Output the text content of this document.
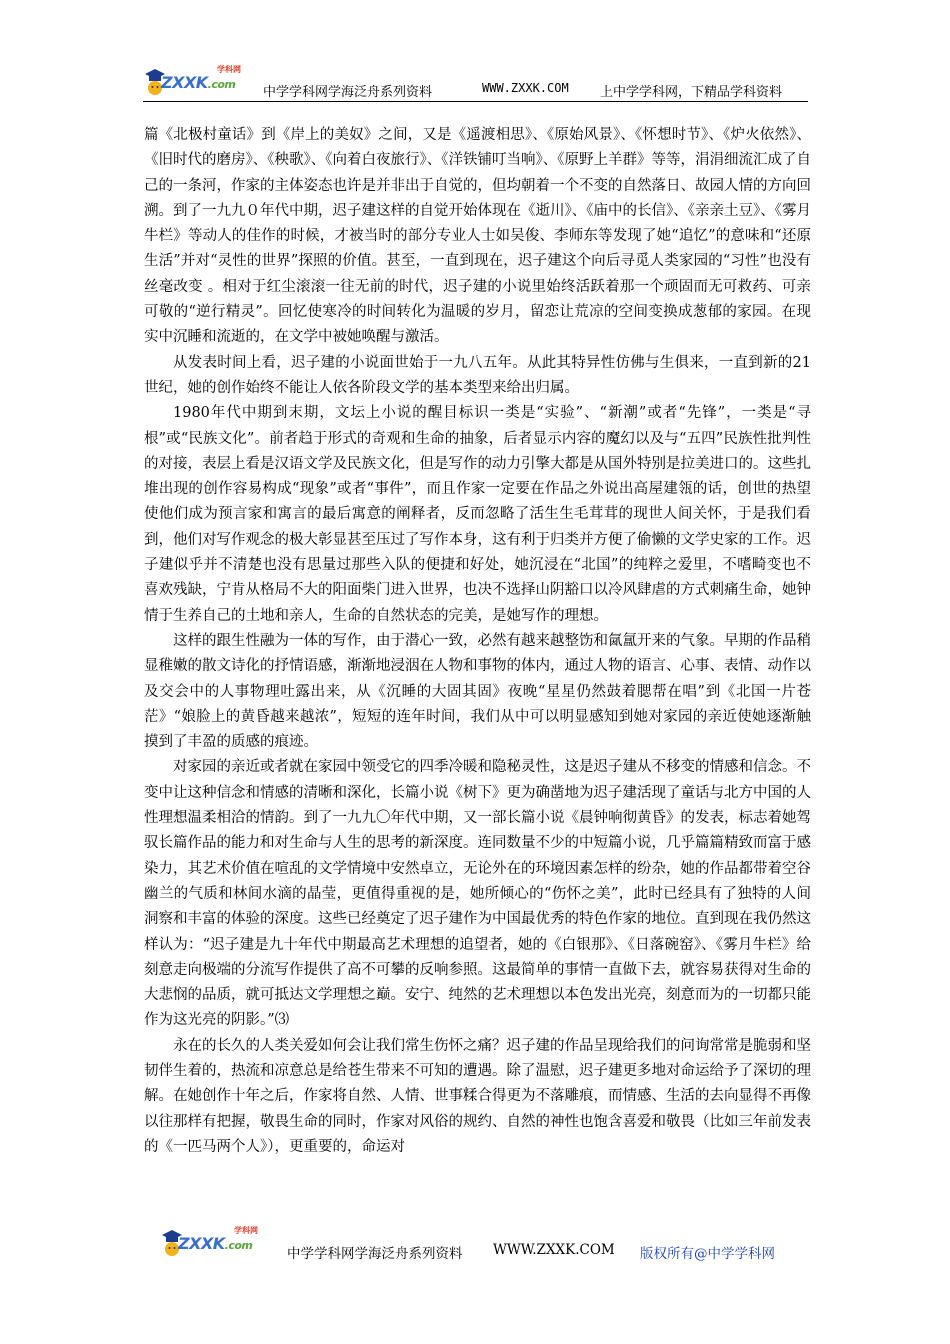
ZXXK.com
学科网
中学学科网学海泛舟系列资料	WWW.ZXXK.COM 上中学学科网，下精品学科资料

篇《北极村童话》到《岸上的美奴》之间，又是《遥渡相思》、《原始风景》、《怀想时节》、《炉火依然》、《旧时代的磨房》、《秧歌》、《向着白夜旅行》、《洋铁铺叮当响》、《原野上羊群》等等，涓涓细流汇成了自己的一条河，作家的主体姿态也许是并非出于自觉的，但均朝着一个不变的自然落日、故园人情的方向回溯。到了一九九０年代中期，迟子建这样的自觉开始体现在《逝川》、《庙中的长信》、《亲亲土豆》、《雾月牛栏》等动人的佳作的时候，才被当时的部分专业人士如吴俊、李师东等发现了她“追忆”的意味和“还原生活”并对“灵性的世界”探照的价值。甚至，一直到现在，迟子建这个向后寻觅人类家园的“习性”也没有丝毫改变 。相对于红尘滚滚一往无前的时代，迟子建的小说里始终活跃着那一个顽固而无可救药、可亲可敬的“逆行精灵”。回忆使寒冷的时间转化为温暖的岁月，留恋让荒凉的空间变换成葱郁的家园。在现实中沉睡和流逝的，在文学中被她唤醒与激活。

从发表时间上看，迟子建的小说面世始于一九八五年。从此其特异性仿佛与生俱来，一直到新的21世纪，她的创作始终不能让人依各阶段文学的基本类型来给出归属。

1980年代中期到末期，文坛上小说的醒目标识一类是“实验”、“新潮”或者“先锋”，一类是“寻根”或“民族文化”。前者趋于形式的奇观和生命的抽象，后者显示内容的魔幻以及与“五四”民族性批判性的对接，表层上看是汉语文学及民族文化，但是写作的动力引擎大都是从国外特别是拉美进口的。这些扎堆出现的创作容易构成“现象”或者“事件”，而且作家一定要在作品之外说出高屋建瓴的话，创世的热望使他们成为预言家和寓言的最后寓意的阐释者，反而忽略了活生生毛茸茸的现世人间关怀，于是我们看到，他们对写作观念的极大彰显甚至压过了写作本身，这有利于归类并方便了偷懒的文学史家的工作。迟子建似乎并不清楚也没有思量过那些入队的便捷和好处，她沉浸在“北国”的纯粹之爱里，不嗜畸变也不喜欢残缺，宁肯从格局不大的阳面柴门进入世界，也决不选择山阴豁口以冷风肆虐的方式刺痛生命，她钟情于生养自己的土地和亲人，生命的自然状态的完美，是她写作的理想。

这样的跟生性融为一体的写作，由于潜心一致，必然有越来越整饬和氤氲开来的气象。早期的作品稍显稚嫩的散文诗化的抒情语感，渐渐地浸洇在人物和事物的体内，通过人物的语言、心事、表情、动作以及交会中的人事物理吐露出来，从《沉睡的大固其固》夜晚“星星仍然鼓着腮帮在唱”到《北国一片苍茫》“娘脸上的黄昏越来越浓”，短短的连年时间，我们从中可以明显感知到她对家园的亲近使她逐渐触摸到了丰盈的质感的痕迹。

对家园的亲近或者就在家园中领受它的四季冷暖和隐秘灵性，这是迟子建从不移变的情感和信念。不变中让这种信念和情感的清晰和深化，长篇小说《树下》更为确凿地为迟子建活现了童话与北方中国的人性理想温柔相洽的情韵。到了一九九〇年代中期，又一部长篇小说《晨钟响彻黄昏》的发表，标志着她驾驭长篇作品的能力和对生命与人生的思考的新深度。连同数量不少的中短篇小说，几乎篇篇精致而富于感染力，其艺术价值在喧乱的文学情境中安然卓立，无论外在的环境因素怎样的纷杂，她的作品都带着空谷幽兰的气质和林间水滴的晶莹，更值得重视的是，她所倾心的“伤怀之美”，此时已经具有了独特的人间洞察和丰富的体验的深度。这些已经奠定了迟子建作为中国最优秀的特色作家的地位。直到现在我仍然这样认为：“迟子建是九十年代中期最高艺术理想的追望者，她的《白银那》、《日落碗窑》、《雾月牛栏》给刻意走向极端的分流写作提供了高不可攀的反响参照。这最简单的事情一直做下去，就容易获得对生命的大悲悯的品质，就可抵达文学理想之巅。安宁、纯然的艺术理想以本色发出光亮，刻意而为的一切都只能作为这光亮的阴影。”⑶

永在的长久的人类关爱如何会让我们常生伤怀之痛？迟子建的作品呈现给我们的问询常常是脆弱和坚韧伴生着的，热流和凉意总是给苍生带来不可知的遭遇。除了温慰，迟子建更多地对命运给予了深切的理解。在她创作十年之后，作家将自然、人情、世事糅合得更为不落雕痕，而情感、生活的去向显得不再像以往那样有把握，敬畏生命的同时，作家对风俗的规约、自然的神性也饱含喜爱和敬畏（比如三年前发表的《一匹马两个人》），更重要的，命运对

ZXXK.com
学科网
中学学科网学海泛舟系列资料 WWW.ZXXK.COM 版权所有@中学学科网
